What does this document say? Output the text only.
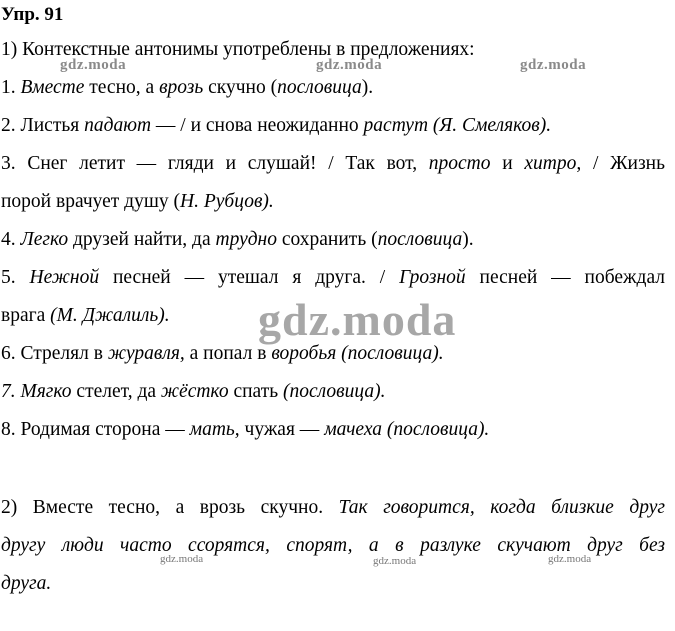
Упр. 91
1) Контекстные антонимы употреблены в предложениях:
1. Вместе тесно, а врозь скучно (пословица).
2. Листья падают — / и снова неожиданно растут (Я. Смеляков).
3. Снег летит — гляди и слушай! / Так вот, просто и хитро, / Жизнь
порой врачует душу (Н. Рубцов).
4. Легко друзей найти, да трудно сохранить (пословица).
5. Нежной песней — утешал я друга. / Грозной песней — побеждал
врага (М. Джалиль).
6. Стрелял в журавля, а попал в воробья (пословица).
7. Мягко стелет, да жёстко спать (пословица).
8. Родимая сторона — мать, чужая — мачеха (пословица).
2) Вместе тесно, а врозь скучно. Так говорится, когда близкие друг
другу люди часто ссорятся, спорят, а в разлуке скучают друг без
друга.
gdz.moda	gdz.moda	gdz.moda
gdz.moda
gdz.moda	gdz.moda	gdz.moda
